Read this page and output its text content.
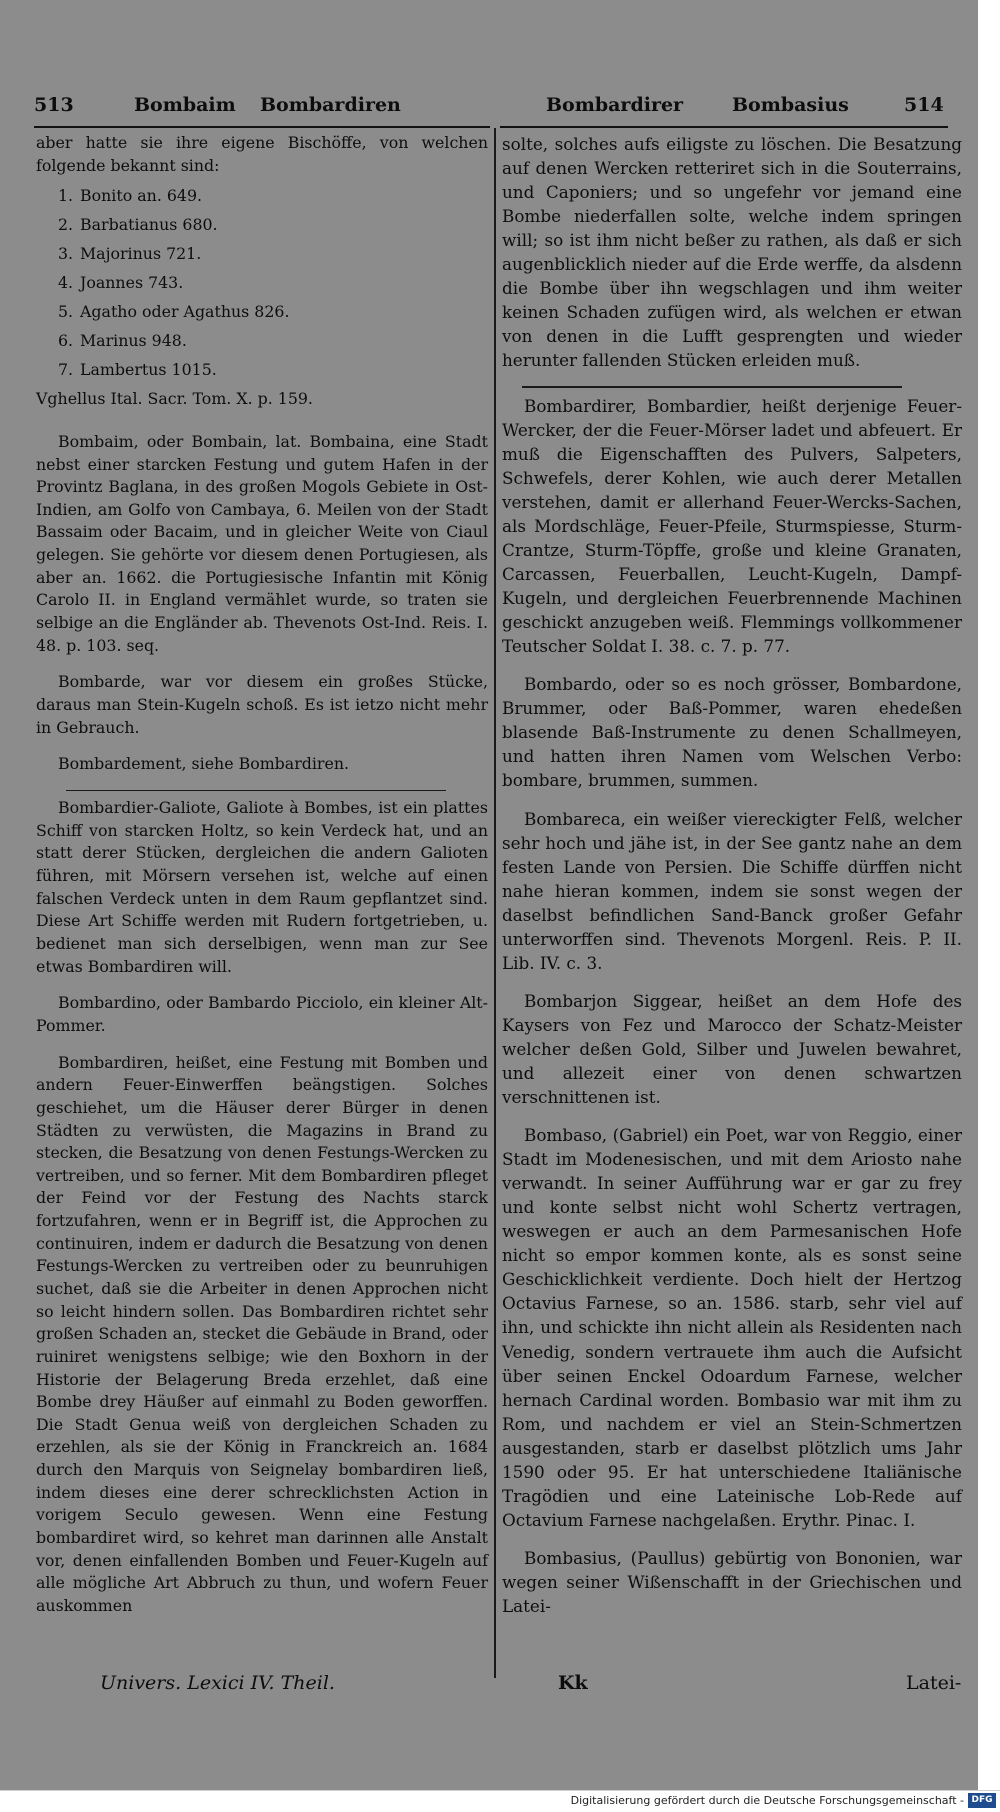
513	Bombaim Bombardiren	Bombardirer	Bombasius	514

aber hatte sie ihre eigene Bischöffe, von welchen folgende bekannt sind:

1. Bonito an. 649.
2. Barbatianus 680.
3. Majorinus 721.
4. Joannes 743.
5. Agatho oder Agathus 826.
6. Marinus 948.
7. Lambertus 1015.

Vghellus Ital. Sacr. Tom. X. p. 159.

Bombaim, oder Bombain, lat. Bombaina, eine Stadt nebst einer starcken Festung und gutem Hafen in der Provintz Baglana, in des großen Mogols Gebiete in Ost-Indien, am Golfo von Cambaya, 6. Meilen von der Stadt Bassaim oder Bacaim, und in gleicher Weite von Ciaul gelegen. Sie gehörte vor diesem denen Portugiesen, als aber an. 1662. die Portugiesische Infantin mit König Carolo II. in England vermählet wurde, so traten sie selbige an die Engländer ab. Thevenots Ost-Ind. Reis. I. 48. p. 103. seq.

Bombarde, war vor diesem ein großes Stücke, daraus man Stein-Kugeln schoß. Es ist ietzo nicht mehr in Gebrauch.

Bombardement, siehe Bombardiren.

Bombardier-Galiote, Galiote à Bombes, ist ein plattes Schiff von starcken Holtz, so kein Verdeck hat, und an statt derer Stücken, dergleichen die andern Galioten führen, mit Mörsern versehen ist, welche auf einen falschen Verdeck unten in dem Raum gepflantzet sind. Diese Art Schiffe werden mit Rudern fortgetrieben, u. bedienet man sich derselbigen, wenn man zur See etwas Bombardiren will.

Bombardino, oder Bambardo Picciolo, ein kleiner Alt-Pommer.

Bombardiren, heißet, eine Festung mit Bomben und andern Feuer-Einwerffen beängstigen. Solches geschiehet, um die Häuser derer Bürger in denen Städten zu verwüsten, die Magazins in Brand zu stecken, die Besatzung von denen Festungs-Wercken zu vertreiben, und so ferner. Mit dem Bombardiren pfleget der Feind vor der Festung des Nachts starck fortzufahren, wenn er in Begriff ist, die Approchen zu continuiren, indem er dadurch die Besatzung von denen Festungs-Wercken zu vertreiben oder zu beunruhigen suchet, daß sie die Arbeiter in denen Approchen nicht so leicht hindern sollen. Das Bombardiren richtet sehr großen Schaden an, stecket die Gebäude in Brand, oder ruiniret wenigstens selbige; wie den Boxhorn in der Historie der Belagerung Breda erzehlet, daß eine Bombe drey Häußer auf einmahl zu Boden geworffen. Die Stadt Genua weiß von dergleichen Schaden zu erzehlen, als sie der König in Franckreich an. 1684 durch den Marquis von Seignelay bombardiren ließ, indem dieses eine derer schrecklichsten Action in vorigem Seculo gewesen. Wenn eine Festung bombardiret wird, so kehret man darinnen alle Anstalt vor, denen einfallenden Bomben und Feuer-Kugeln auf alle mögliche Art Abbruch zu thun, und wofern Feuer auskommen

solte, solches aufs eiligste zu löschen. Die Besatzung auf denen Wercken retteriret sich in die Souterrains, und Caponiers; und so ungefehr vor jemand eine Bombe niederfallen solte, welche indem springen will; so ist ihm nicht beßer zu rathen, als daß er sich augenblicklich nieder auf die Erde werffe, da alsdenn die Bombe über ihn wegschlagen und ihm weiter keinen Schaden zufügen wird, als welchen er etwan von denen in die Lufft gesprengten und wieder herunter fallenden Stücken erleiden muß.

Bombardirer, Bombardier, heißt derjenige Feuer-Wercker, der die Feuer-Mörser ladet und abfeuert. Er muß die Eigenschafften des Pulvers, Salpeters, Schwefels, derer Kohlen, wie auch derer Metallen verstehen, damit er allerhand Feuer-Wercks-Sachen, als Mordschläge, Feuer-Pfeile, Sturmspiesse, Sturm-Crantze, Sturm-Töpffe, große und kleine Granaten, Carcassen, Feuerballen, Leucht-Kugeln, Dampf-Kugeln, und dergleichen Feuerbrennende Machinen geschickt anzugeben weiß. Flemmings vollkommener Teutscher Soldat I. 38. c. 7. p. 77.

Bombardo, oder so es noch grösser, Bombardone, Brummer, oder Baß-Pommer, waren ehedeßen blasende Baß-Instrumente zu denen Schallmeyen, und hatten ihren Namen vom Welschen Verbo: bombare, brummen, summen.

Bombareca, ein weißer viereckigter Felß, welcher sehr hoch und jähe ist, in der See gantz nahe an dem festen Lande von Persien. Die Schiffe dürffen nicht nahe hieran kommen, indem sie sonst wegen der daselbst befindlichen Sand-Banck großer Gefahr unterworffen sind. Thevenots Morgenl. Reis. P. II. Lib. IV. c. 3.

Bombarjon Siggear, heißet an dem Hofe des Kaysers von Fez und Marocco der Schatz-Meister welcher deßen Gold, Silber und Juwelen bewahret, und allezeit einer von denen schwartzen verschnittenen ist.

Bombaso, (Gabriel) ein Poet, war von Reggio, einer Stadt im Modenesischen, und mit dem Ariosto nahe verwandt. In seiner Aufführung war er gar zu frey und konte selbst nicht wohl Schertz vertragen, weswegen er auch an dem Parmesanischen Hofe nicht so empor kommen konte, als es sonst seine Geschicklichkeit verdiente. Doch hielt der Hertzog Octavius Farnese, so an. 1586. starb, sehr viel auf ihn, und schickte ihn nicht allein als Residenten nach Venedig, sondern vertrauete ihm auch die Aufsicht über seinen Enckel Odoardum Farnese, welcher hernach Cardinal worden. Bombasio war mit ihm zu Rom, und nachdem er viel an Stein-Schmertzen ausgestanden, starb er daselbst plötzlich ums Jahr 1590 oder 95. Er hat unterschiedene Italiänische Tragödien und eine Lateinische Lob-Rede auf Octavium Farnese nachgelaßen. Erythr. Pinac. I.

Bombasius, (Paullus) gebürtig von Bononien, war wegen seiner Wißenschafft in der Griechischen und Latei-

Univers. Lexici IV. Theil.	Kk	Latei-
Digitalisierung gefördert durch die Deutsche Forschungsgemeinschaft - DFG
